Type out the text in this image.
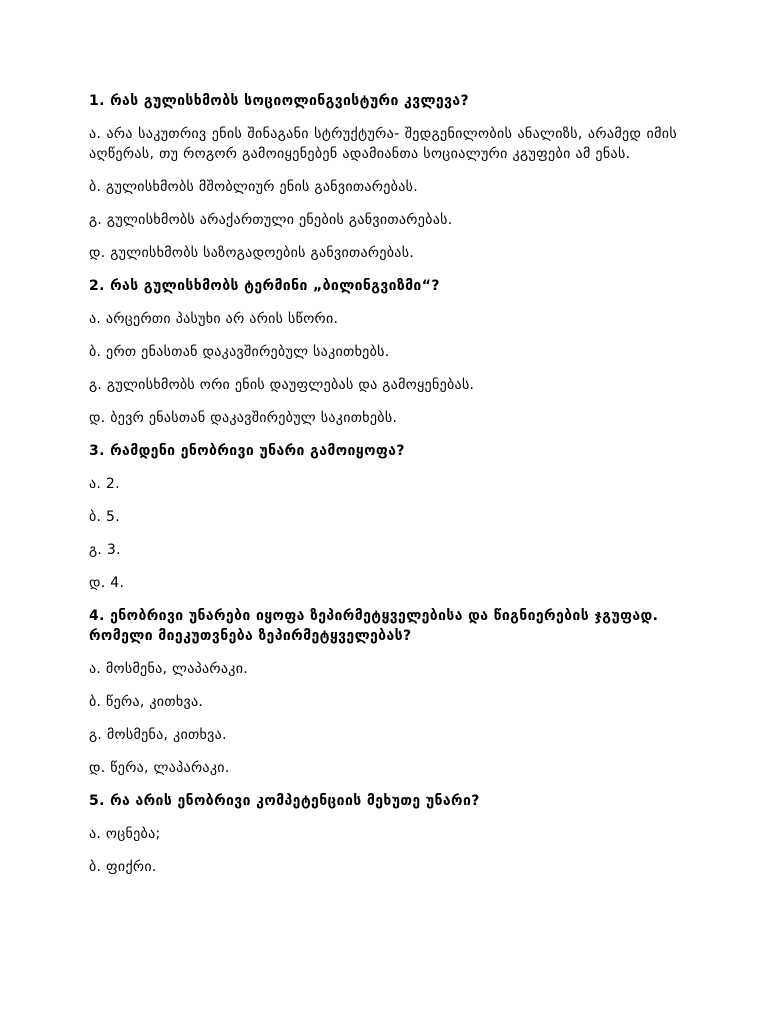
1. რას გულისხმობს სოციოლინგვისტური კვლევა?
ა. არა საკუთრივ ენის შინაგანი სტრუქტურა- შედგენილობის ანალიზს, არამედ იმის აღწერას, თუ როგორ გამოიყენებენ ადამიანთა სოციალური კგუფები ამ ენას.
ბ. გულისხმობს მშობლიურ ენის განვითარებას.
გ. გულისხმობს არაქართული ენების განვითარებას.
დ. გულისხმობს საზოგადოების განვითარებას.
2. რას გულისხმობს ტერმინი „ბილინგვიზმი“?
ა. არცერთი პასუხი არ არის სწორი.
ბ. ერთ ენასთან დაკავშირებულ საკითხებს.
გ. გულისხმობს ორი ენის დაუფლებას და გამოყენებას.
დ. ბევრ ენასთან დაკავშირებულ საკითხებს.
3. რამდენი ენობრივი უნარი გამოიყოფა?
ა. 2.
ბ. 5.
გ. 3.
დ. 4.
4. ენობრივი უნარები იყოფა ზეპირმეტყველებისა და წიგნიერების ჯგუფად. რომელი მიეკუთვნება ზეპირმეტყველებას?
ა. მოსმენა, ლაპარაკი.
ბ. წერა, კითხვა.
გ. მოსმენა, კითხვა.
დ. წერა, ლაპარაკი.
5. რა არის ენობრივი კომპეტენციის მეხუთე უნარი?
ა. ოცნება;
ბ. ფიქრი.
